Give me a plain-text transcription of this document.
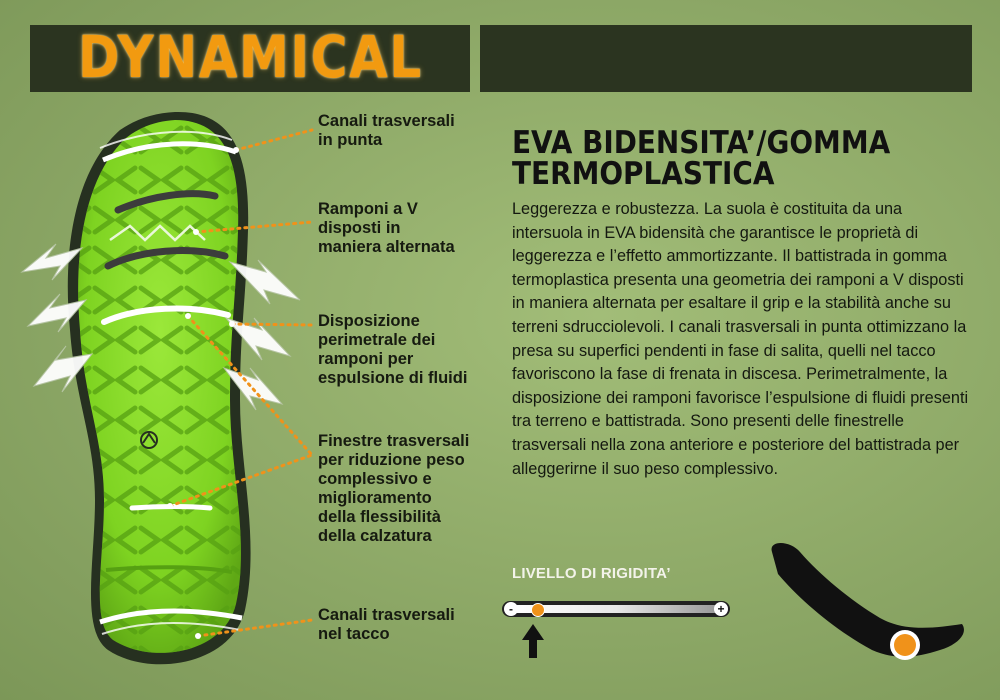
DYNAMICAL
Canali trasversali
in punta
Ramponi a V
disposti in
maniera alternata
Disposizione
perimetrale dei
ramponi per
espulsione di fluidi
Finestre trasversali
per riduzione peso
complessivo e
miglioramento
della flessibilità
della calzatura
Canali trasversali
nel tacco
EVA BIDENSITA’/GOMMA
TERMOPLASTICA
Leggerezza e robustezza. La suola è costituita da una intersuola in EVA bidensità che garantisce le proprietà di leggerezza e l’effetto ammortizzante. Il battistrada in gomma termoplastica presenta una geometria dei ramponi a V disposti in maniera alternata per esaltare il grip e la stabilità anche su terreni sdrucciolevoli. I canali trasversali in punta ottimizzano la presa su superfici pendenti in fase di salita, quelli nel tacco favoriscono la fase di frenata in discesa. Perimetralmente, la disposizione dei ramponi favorisce l’espulsione di fluidi presenti tra terreno e battistrada. Sono presenti delle finestrelle trasversali nella zona anteriore e posteriore del battistrada per alleggerirne il suo peso complessivo.
LIVELLO DI RIGIDITA’
-	+
